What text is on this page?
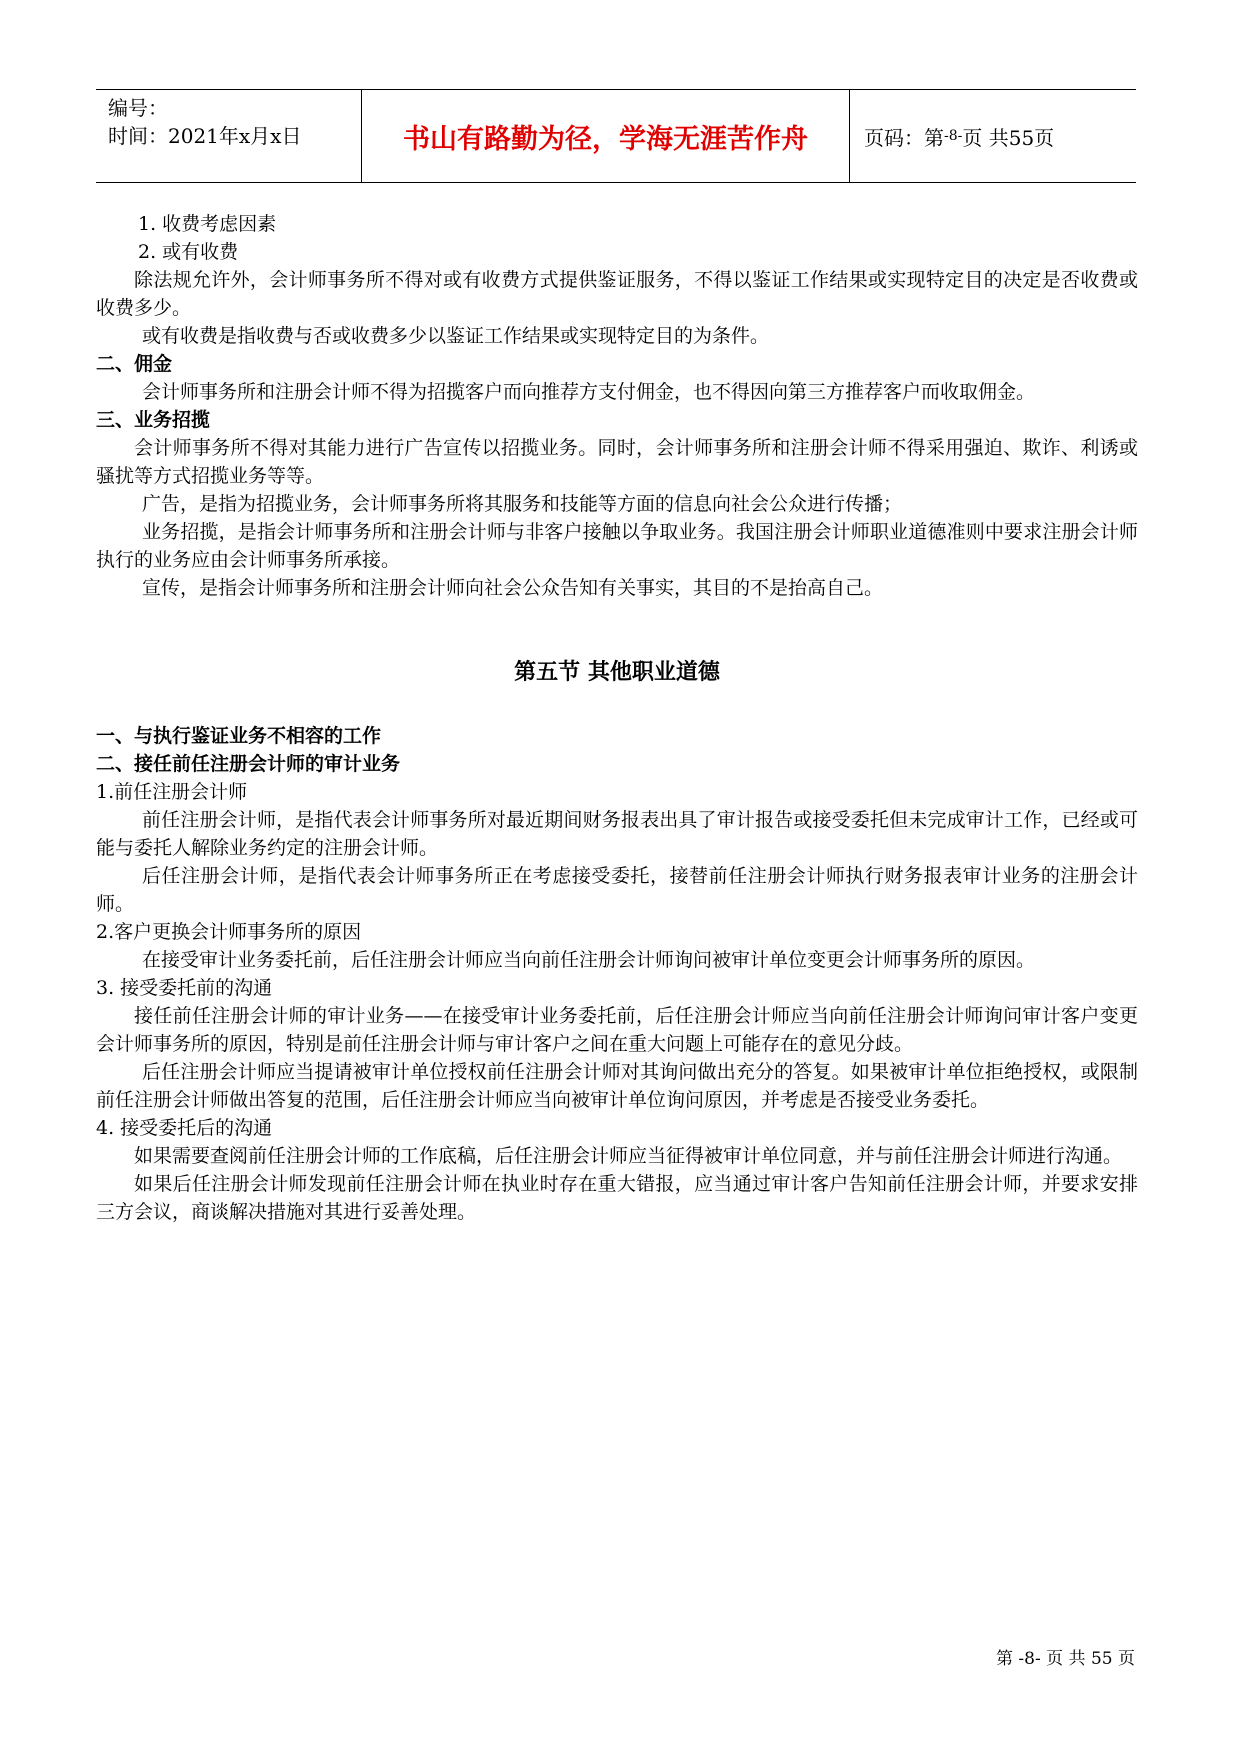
编号：
时间：2021年x月x日	书山有路勤为径，学海无涯苦作舟	页码：第 -8- 页 共55页

1. 收费考虑因素

2. 或有收费

除法规允许外，会计师事务所不得对或有收费方式提供鉴证服务，不得以鉴证工作结果或实现特定目的决定是否收费或收费多少。

或有收费是指收费与否或收费多少以鉴证工作结果或实现特定目的为条件。

二、佣金

会计师事务所和注册会计师不得为招揽客户而向推荐方支付佣金，也不得因向第三方推荐客户而收取佣金。

三、业务招揽

会计师事务所不得对其能力进行广告宣传以招揽业务。同时，会计师事务所和注册会计师不得采用强迫、欺诈、利诱或骚扰等方式招揽业务等等。

广告，是指为招揽业务，会计师事务所将其服务和技能等方面的信息向社会公众进行传播；

业务招揽，是指会计师事务所和注册会计师与非客户接触以争取业务。我国注册会计师职业道德准则中要求注册会计师执行的业务应由会计师事务所承接。

宣传，是指会计师事务所和注册会计师向社会公众告知有关事实，其目的不是抬高自己。

第五节 其他职业道德

一、与执行鉴证业务不相容的工作

二、接任前任注册会计师的审计业务

1.前任注册会计师

前任注册会计师，是指代表会计师事务所对最近期间财务报表出具了审计报告或接受委托但未完成审计工作，已经或可能与委托人解除业务约定的注册会计师。

后任注册会计师，是指代表会计师事务所正在考虑接受委托，接替前任注册会计师执行财务报表审计业务的注册会计师。

2.客户更换会计师事务所的原因

在接受审计业务委托前，后任注册会计师应当向前任注册会计师询问被审计单位变更会计师事务所的原因。

3. 接受委托前的沟通

接任前任注册会计师的审计业务——在接受审计业务委托前，后任注册会计师应当向前任注册会计师询问审计客户变更会计师事务所的原因，特别是前任注册会计师与审计客户之间在重大问题上可能存在的意见分歧。

后任注册会计师应当提请被审计单位授权前任注册会计师对其询问做出充分的答复。如果被审计单位拒绝授权，或限制前任注册会计师做出答复的范围，后任注册会计师应当向被审计单位询问原因，并考虑是否接受业务委托。

4. 接受委托后的沟通

如果需要查阅前任注册会计师的工作底稿，后任注册会计师应当征得被审计单位同意，并与前任注册会计师进行沟通。

如果后任注册会计师发现前任注册会计师在执业时存在重大错报，应当通过审计客户告知前任注册会计师，并要求安排三方会议，商谈解决措施对其进行妥善处理。

第 -8- 页 共 55 页
